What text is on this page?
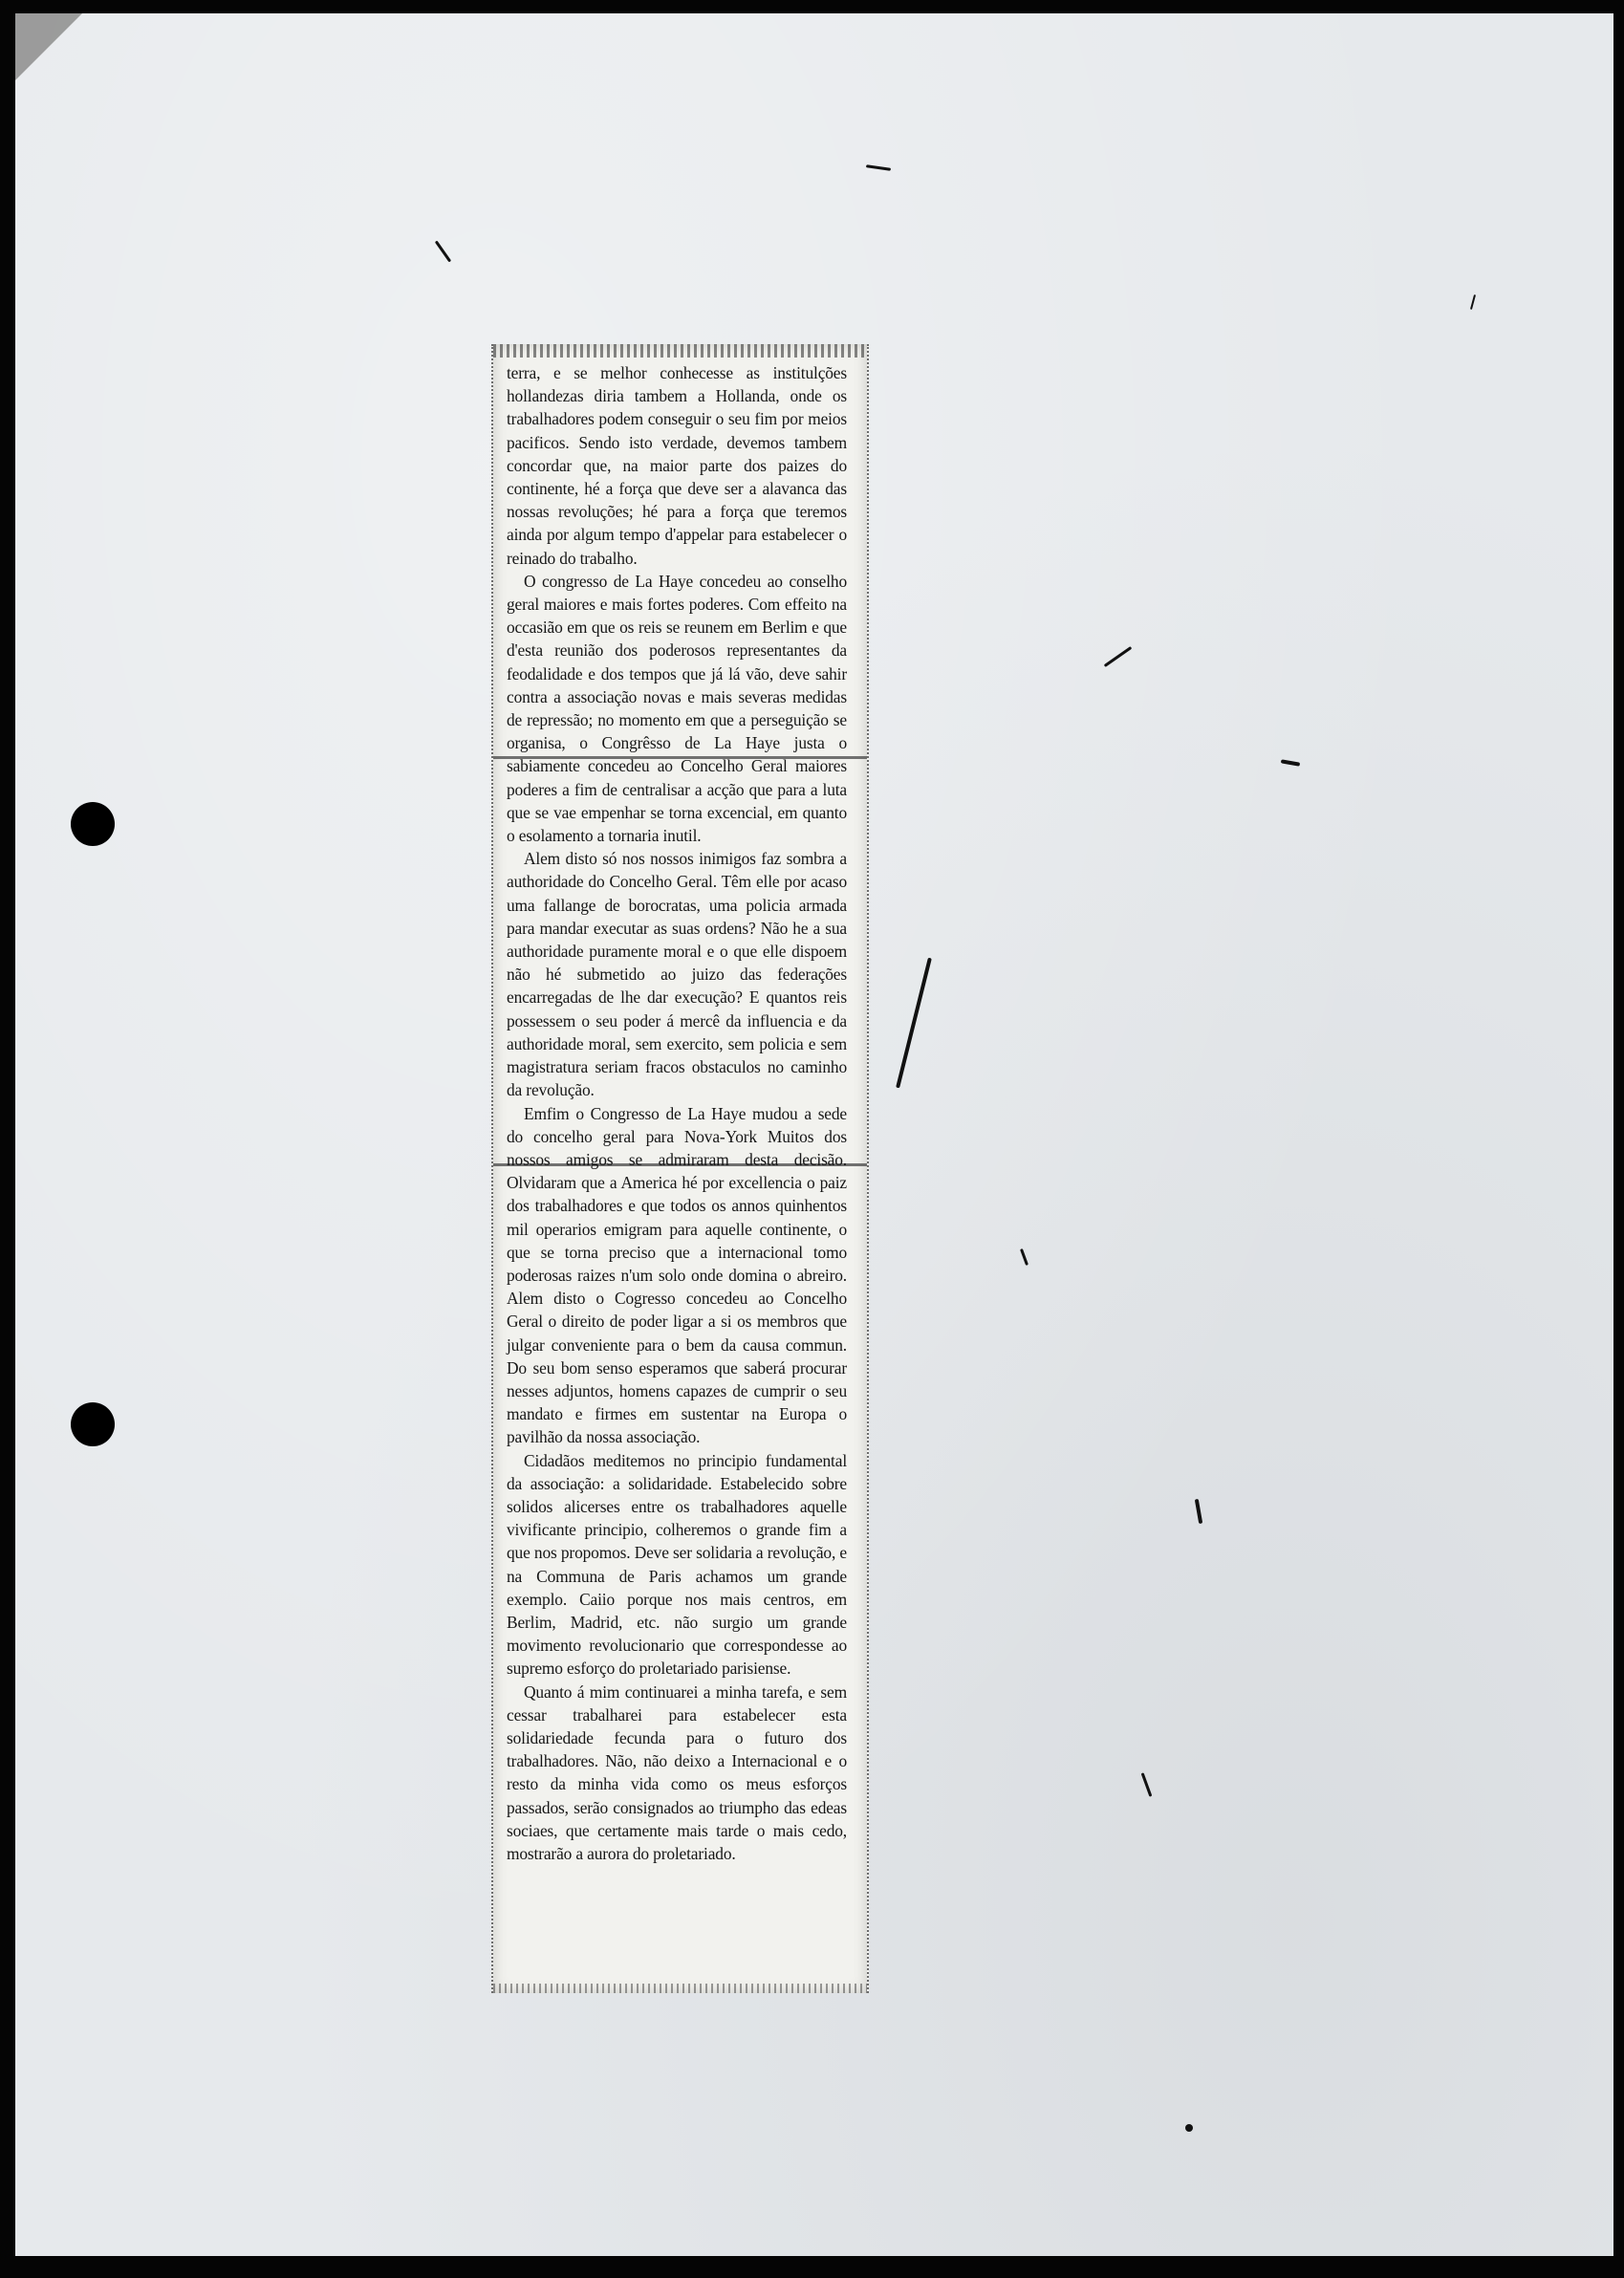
terra, e se melhor conhecesse as institulções hollandezas diria tambem a Hollanda, onde os trabalhadores podem conseguir o seu fim por meios pacificos. Sendo isto verdade, devemos tambem concordar que, na maior parte dos paizes do continente, hé a força que deve ser a alavanca das nossas revoluções; hé para a força que teremos ainda por algum tempo d'appelar para estabelecer o reinado do trabalho.

O congresso de La Haye concedeu ao conselho geral maiores e mais fortes poderes. Com effeito na occasião em que os reis se reunem em Berlim e que d'esta reunião dos poderosos representantes da feodalidade e dos tempos que já lá vão, deve sahir contra a associação novas e mais severas medidas de repressão; no momento em que a perseguição se organisa, o Congrêsso de La Haye justa o sabiamente concedeu ao Concelho Geral maiores poderes a fim de centralisar a acção que para a luta que se vae empenhar se torna excencial, em quanto o esolamento a tornaria inutil.

Alem disto só nos nossos inimigos faz sombra a authoridade do Concelho Geral. Têm elle por acaso uma fallange de borocratas, uma policia armada para mandar executar as suas ordens? Não he a sua authoridade puramente moral e o que elle dispoem não hé submetido ao juizo das federações encarregadas de lhe dar execução? E quantos reis possessem o seu poder á mercê da influencia e da authoridade moral, sem exercito, sem policia e sem magistratura seriam fracos obstaculos no caminho da revolução.

Emfim o Congresso de La Haye mudou a sede do concelho geral para Nova-York Muitos dos nossos amigos se admiraram desta decisão. Olvidaram que a America hé por excellencia o paiz dos trabalhadores e que todos os annos quinhentos mil operarios emigram para aquelle continente, o que se torna preciso que a internacional tomo poderosas raizes n'um solo onde domina o abreiro. Alem disto o Cogresso concedeu ao Concelho Geral o direito de poder ligar a si os membros que julgar conveniente para o bem da causa commun. Do seu bom senso esperamos que saberá procurar nesses adjuntos, homens capazes de cumprir o seu mandato e firmes em sustentar na Europa o pavilhão da nossa associação.

Cidadãos meditemos no principio fundamental da associação: a solidaridade. Estabelecido sobre solidos alicerses entre os trabalhadores aquelle vivificante principio, colheremos o grande fim a que nos propomos. Deve ser solidaria a revolução, e na Communa de Paris achamos um grande exemplo. Caiio porque nos mais centros, em Berlim, Madrid, etc. não surgio um grande movimento revolucionario que correspondesse ao supremo esforço do proletariado parisiense.

Quanto á mim continuarei a minha tarefa, e sem cessar trabalharei para estabelecer esta solidariedade fecunda para o futuro dos trabalhadores. Não, não deixo a Internacional e o resto da minha vida como os meus esforços passados, serão consignados ao triumpho das edeas sociaes, que certamente mais tarde o mais cedo, mostrarão a aurora do proletariado.
